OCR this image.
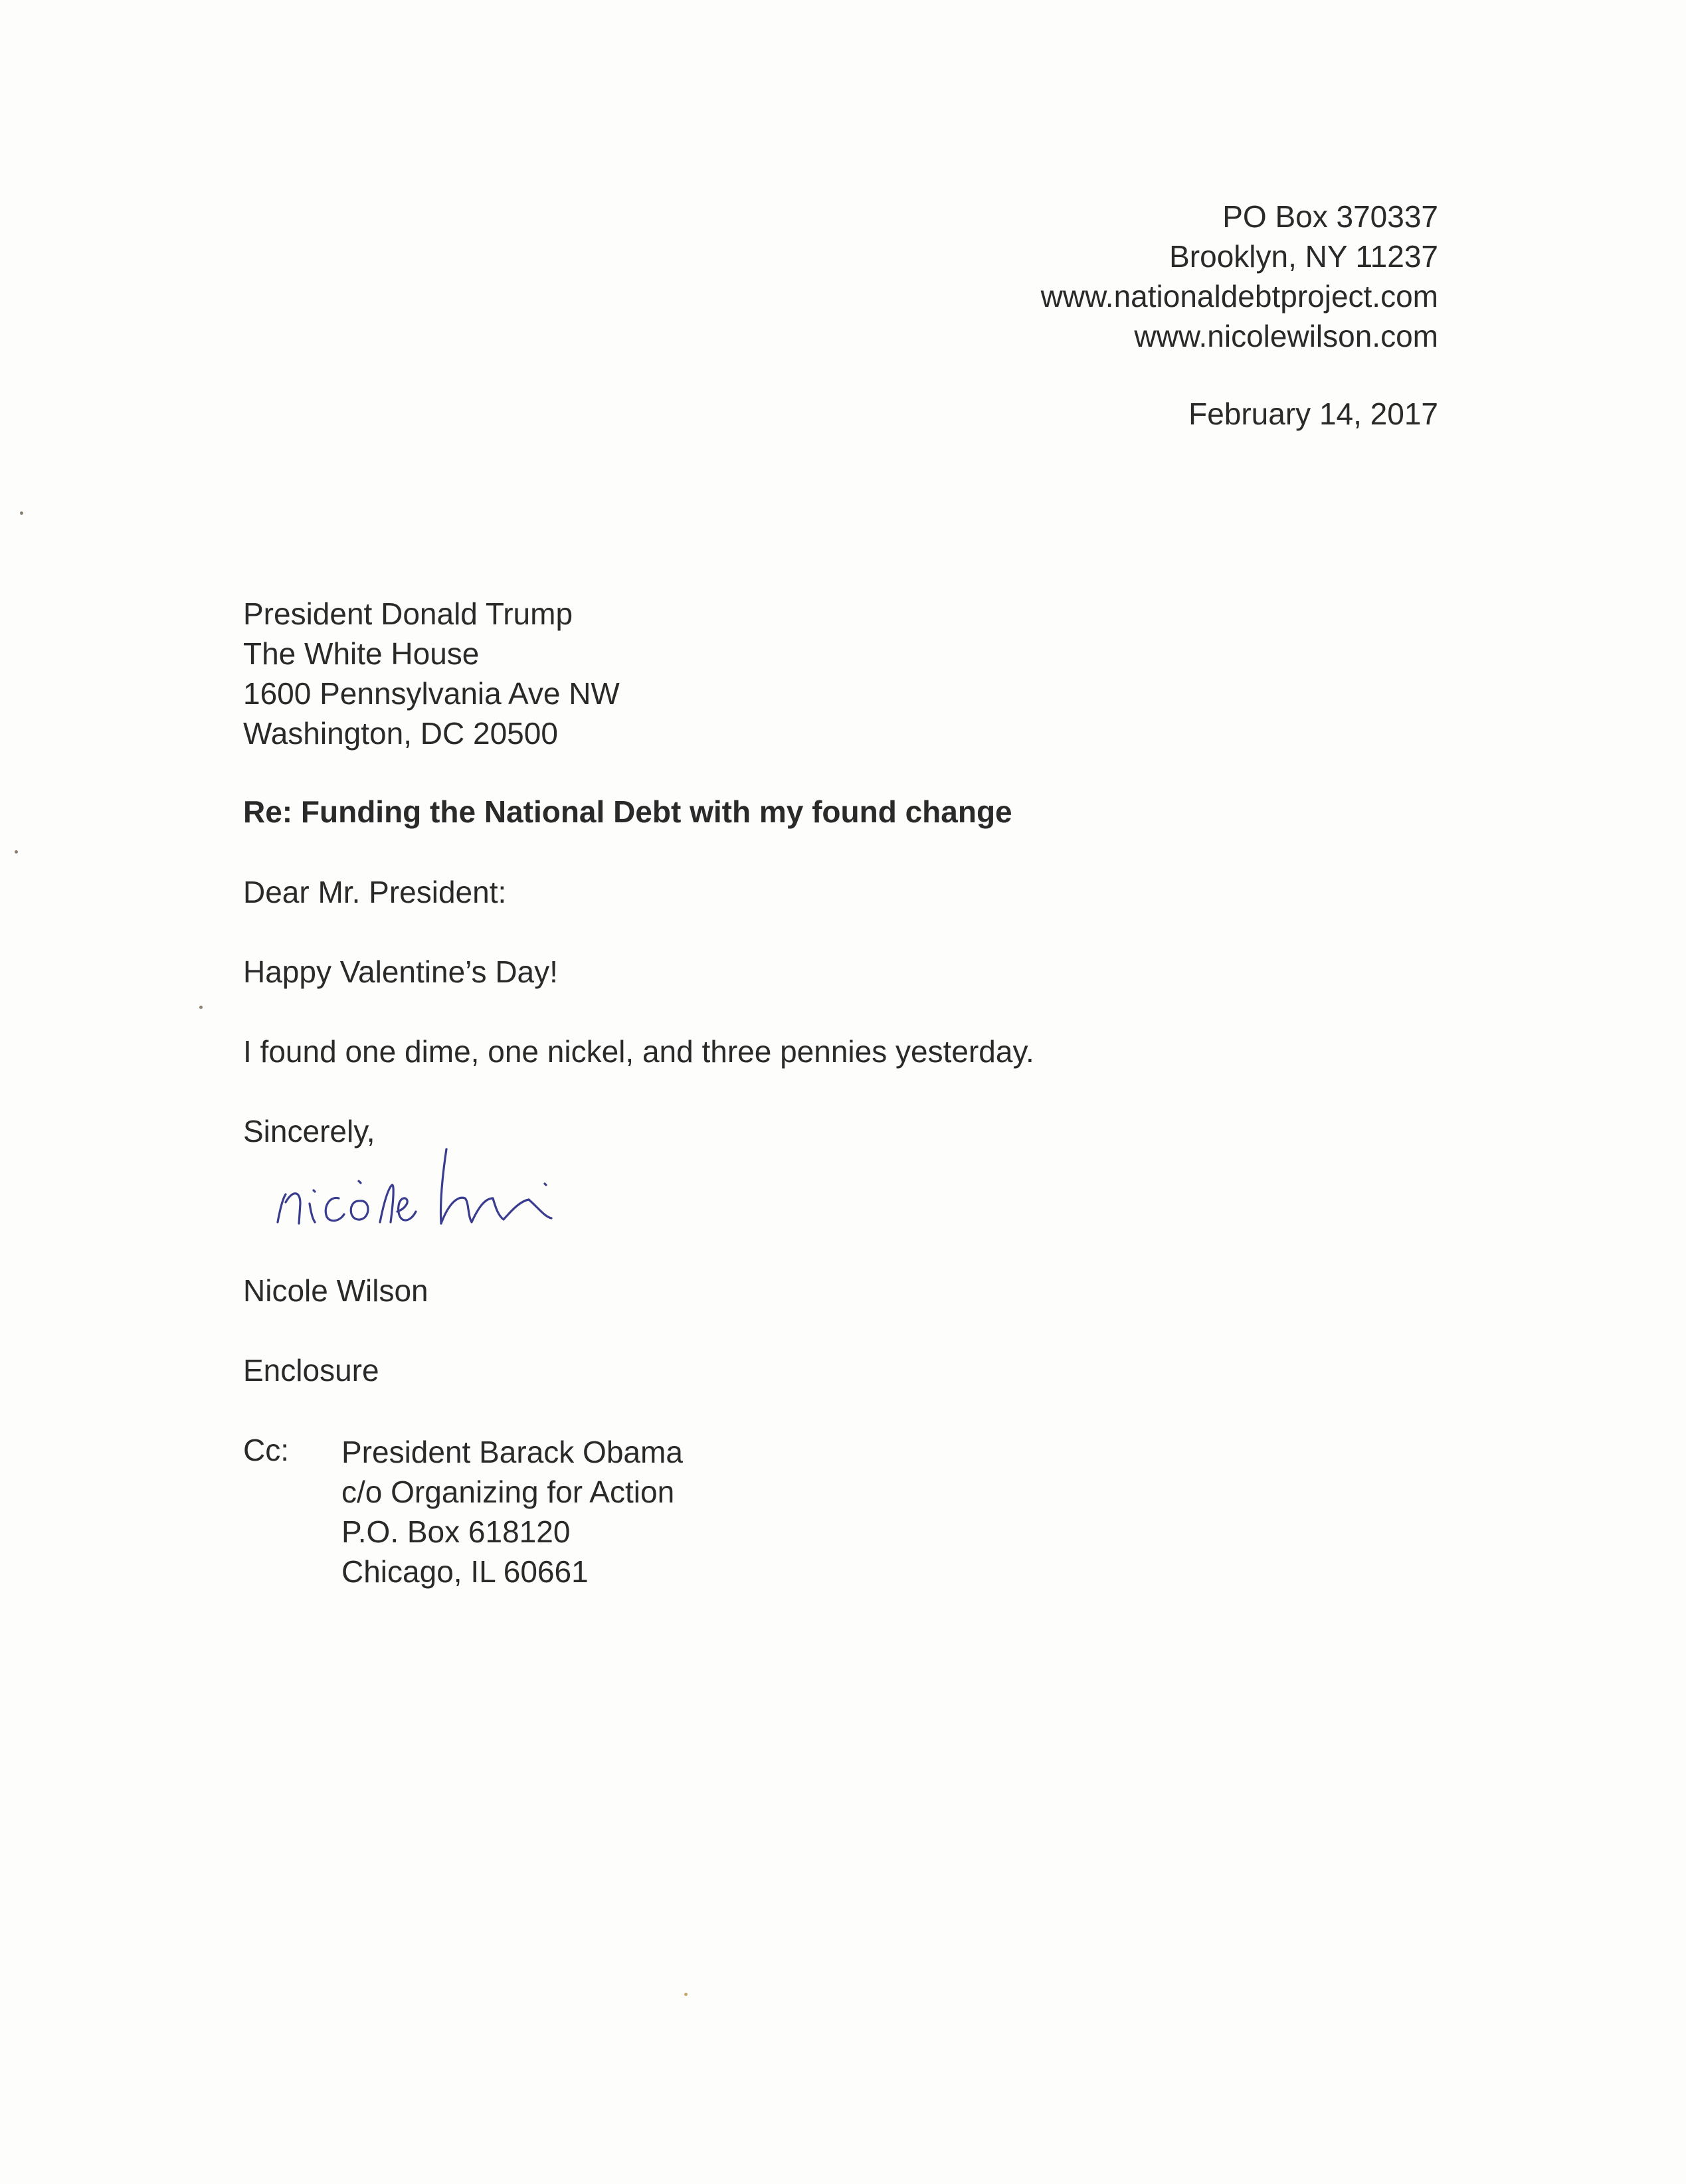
PO Box 370337
Brooklyn, NY 11237
www.nationaldebtproject.com
www.nicolewilson.com
February 14, 2017
President Donald Trump
The White House
1600 Pennsylvania Ave NW
Washington, DC 20500
Re: Funding the National Debt with my found change
Dear Mr. President:
Happy Valentine’s Day!
I found one dime, one nickel, and three pennies yesterday.
Sincerely,
Nicole Wilson
Enclosure
Cc: President Barack Obama
c/o Organizing for Action
P.O. Box 618120
Chicago, IL 60661
